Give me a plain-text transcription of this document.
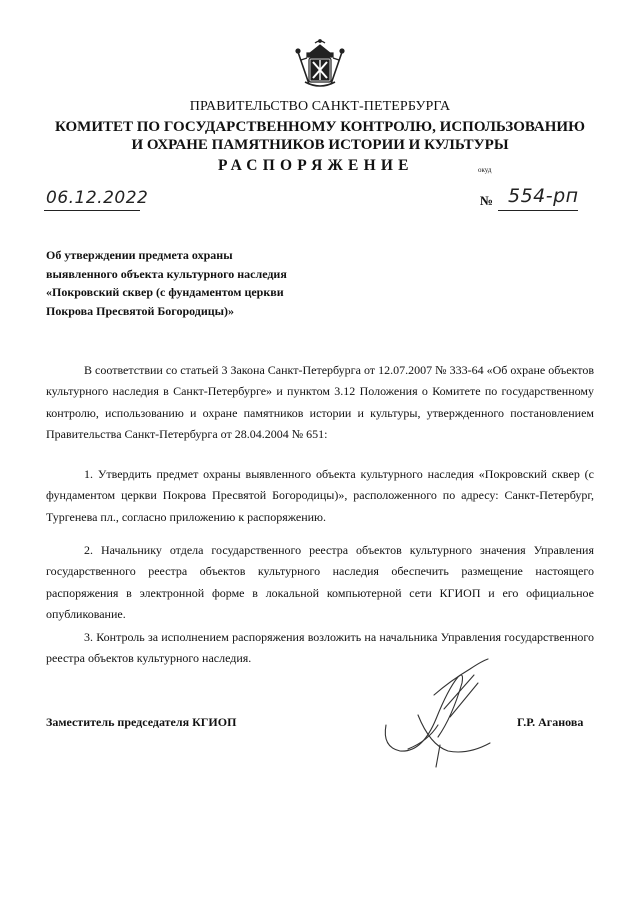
ПРАВИТЕЛЬСТВО САНКТ-ПЕТЕРБУРГА
КОМИТЕТ ПО ГОСУДАРСТВЕННОМУ КОНТРОЛЮ, ИСПОЛЬЗОВАНИЮ
И ОХРАНЕ ПАМЯТНИКОВ ИСТОРИИ И КУЛЬТУРЫ
РАСПОРЯЖЕНИЕ	окуд
06.12.2022	№ 554-рп
Об утверждении предмета охраны
выявленного объекта культурного наследия
«Покровский сквер (с фундаментом церкви
Покрова Пресвятой Богородицы)»
В соответствии со статьей 3 Закона Санкт-Петербурга от 12.07.2007 № 333-64 «Об охране объектов культурного наследия в Санкт-Петербурге» и пунктом 3.12 Положения о Комитете по государственному контролю, использованию и охране памятников истории и культуры, утвержденного постановлением Правительства Санкт-Петербурга от 28.04.2004 № 651:
1. Утвердить предмет охраны выявленного объекта культурного наследия «Покровский сквер (с фундаментом церкви Покрова Пресвятой Богородицы)», расположенного по адресу: Санкт-Петербург, Тургенева пл., согласно приложению к распоряжению.
2. Начальнику отдела государственного реестра объектов культурного значения Управления государственного реестра объектов культурного наследия обеспечить размещение настоящего распоряжения в электронной форме в локальной компьютерной сети КГИОП и его официальное опубликование.
3. Контроль за исполнением распоряжения возложить на начальника Управления государственного реестра объектов культурного наследия.
Заместитель председателя КГИОП	Г.Р. Аганова
